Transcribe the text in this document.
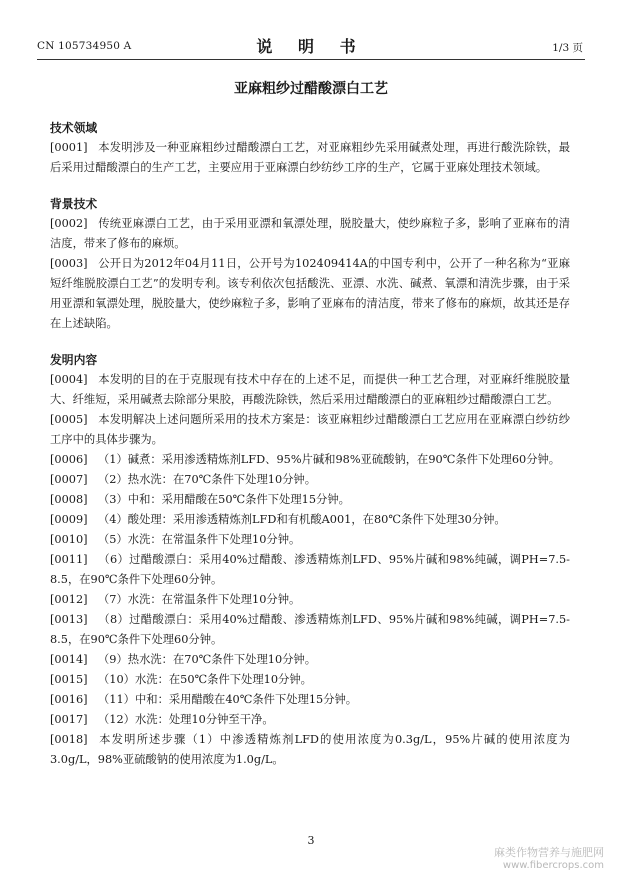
CN 105734950 A	说 明 书	1/3 页
亚麻粗纱过醋酸漂白工艺
技术领域
[0001] 本发明涉及一种亚麻粗纱过醋酸漂白工艺，对亚麻粗纱先采用碱煮处理，再进行酸洗除铁，最后采用过醋酸漂白的生产工艺，主要应用于亚麻漂白纱纺纱工序的生产，它属于亚麻处理技术领域。
背景技术
[0002] 传统亚麻漂白工艺，由于采用亚漂和氧漂处理，脱胶量大，使纱麻粒子多，影响了亚麻布的清洁度，带来了修布的麻烦。
[0003] 公开日为2012年04月11日，公开号为102409414A的中国专利中，公开了一种名称为“亚麻短纤维脱胶漂白工艺”的发明专利。该专利依次包括酸洗、亚漂、水洗、碱煮、氧漂和清洗步骤，由于采用亚漂和氧漂处理，脱胶量大，使纱麻粒子多，影响了亚麻布的清洁度，带来了修布的麻烦，故其还是存在上述缺陷。
发明内容
[0004] 本发明的目的在于克服现有技术中存在的上述不足，而提供一种工艺合理，对亚麻纤维脱胶量大、纤维短，采用碱煮去除部分果胶，再酸洗除铁，然后采用过醋酸漂白的亚麻粗纱过醋酸漂白工艺。
[0005] 本发明解决上述问题所采用的技术方案是：该亚麻粗纱过醋酸漂白工艺应用在亚麻漂白纱纺纱工序中的具体步骤为。
[0006] （1）碱煮：采用渗透精炼剂LFD、95%片碱和98%亚硫酸钠，在90℃条件下处理60分钟。
[0007] （2）热水洗：在70℃条件下处理10分钟。
[0008] （3）中和：采用醋酸在50℃条件下处理15分钟。
[0009] （4）酸处理：采用渗透精炼剂LFD和有机酸A001，在80℃条件下处理30分钟。
[0010] （5）水洗：在常温条件下处理10分钟。
[0011] （6）过醋酸漂白：采用40%过醋酸、渗透精炼剂LFD、95%片碱和98%纯碱，调PH=7.5-8.5，在90℃条件下处理60分钟。
[0012] （7）水洗：在常温条件下处理10分钟。
[0013] （8）过醋酸漂白：采用40%过醋酸、渗透精炼剂LFD、95%片碱和98%纯碱，调PH=7.5-8.5，在90℃条件下处理60分钟。
[0014] （9）热水洗：在70℃条件下处理10分钟。
[0015] （10）水洗：在50℃条件下处理10分钟。
[0016] （11）中和：采用醋酸在40℃条件下处理15分钟。
[0017] （12）水洗：处理10分钟至干净。
[0018] 本发明所述步骤（1）中渗透精炼剂LFD的使用浓度为0.3g/L，95%片碱的使用浓度为3.0g/L，98%亚硫酸钠的使用浓度为1.0g/L。
3
麻类作物营养与施肥网
www.fibercrops.com
